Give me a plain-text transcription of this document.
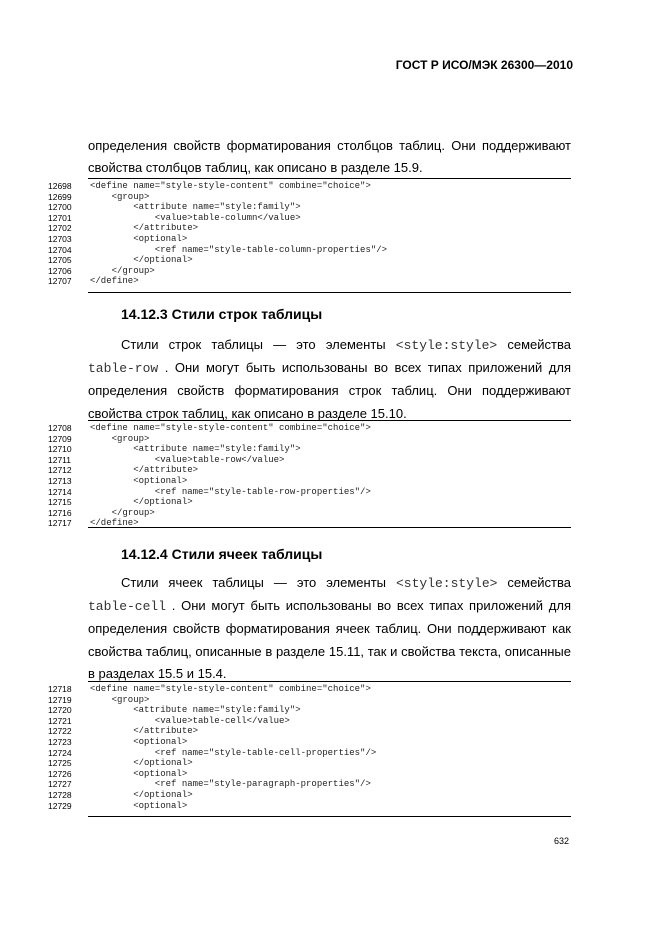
ГОСТ Р ИСО/МЭК 26300—2010

определения свойств форматирования столбцов таблиц. Они поддерживают
свойства столбцов таблиц, как описано в разделе 15.9.

12698	<define name="style-style-content" combine="choice">
12699	<group>
12700	<attribute name="style:family">
12701	<value>table-column</value>
12702	</attribute>
12703	<optional>
12704	<ref name="style-table-column-properties"/>
12705	</optional>
12706	</group>
12707	</define>
14.12.3 Стили строк таблицы

Стили строк таблицы — это элементы <style:style> семейства table-row . Они могут быть использованы во всех типах приложений для определения свойств форматирования строк таблиц. Они поддерживают свойства строк таблиц, как описано в разделе 15.10.

12708	<define name="style-style-content" combine="choice">
12709	<group>
12710	<attribute name="style:family">
12711	<value>table-row</value>
12712	</attribute>
12713	<optional>
12714	<ref name="style-table-row-properties"/>
12715	</optional>
12716	</group>
12717	</define>
14.12.4 Стили ячеек таблицы

Стили ячеек таблицы — это элементы <style:style> семейства table-cell . Они могут быть использованы во всех типах приложений для определения свойств форматирования ячеек таблиц. Они поддерживают как свойства таблиц, описанные в разделе 15.11, так и свойства текста, описанные в разделах 15.5 и 15.4.

12718	<define name="style-style-content" combine="choice">
12719	<group>
12720	<attribute name="style:family">
12721	<value>table-cell</value>
12722	</attribute>
12723	<optional>
12724	<ref name="style-table-cell-properties"/>
12725	</optional>
12726	<optional>
12727	<ref name="style-paragraph-properties"/>
12728	</optional>
12729	<optional>
632
